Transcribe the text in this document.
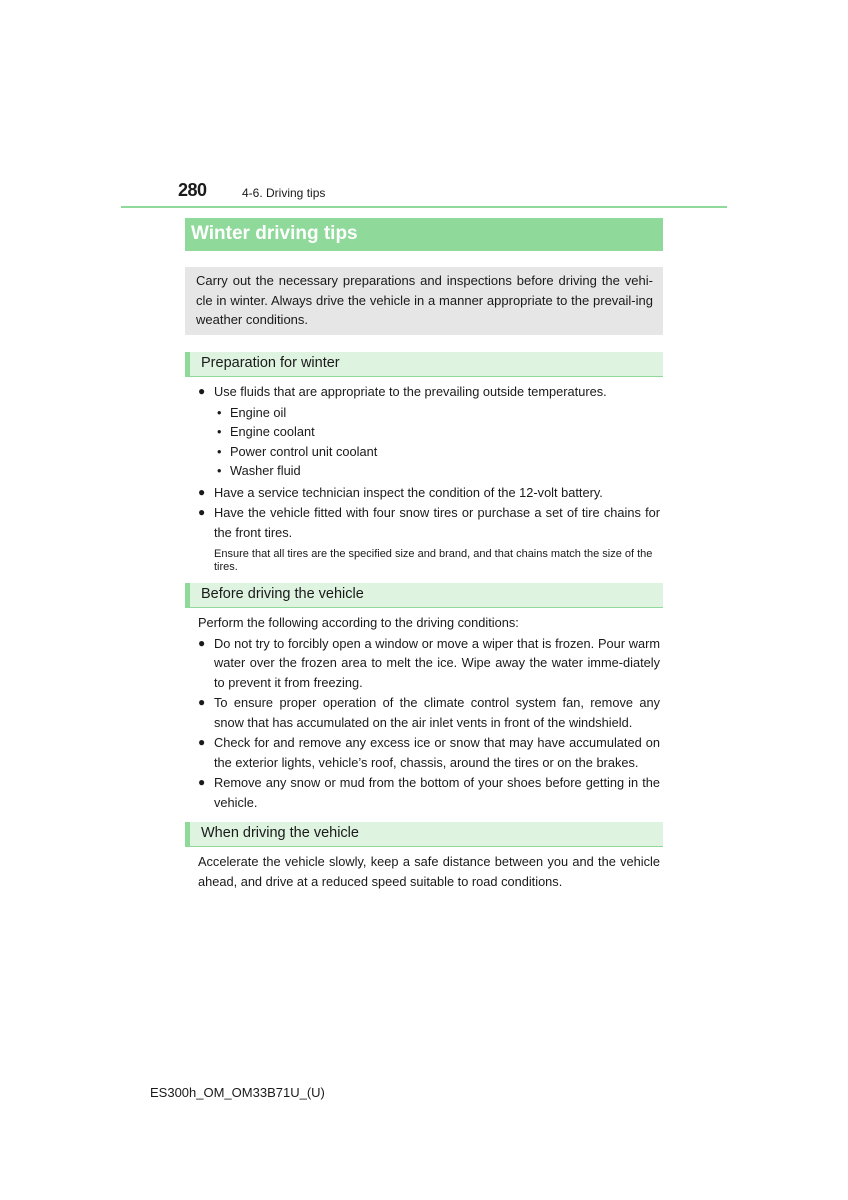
280	4-6. Driving tips
Winter driving tips
Carry out the necessary preparations and inspections before driving the vehi-cle in winter. Always drive the vehicle in a manner appropriate to the prevail-ing weather conditions.
Preparation for winter
● Use fluids that are appropriate to the prevailing outside temperatures.
• Engine oil
• Engine coolant
• Power control unit coolant
• Washer fluid
● Have a service technician inspect the condition of the 12-volt battery.
● Have the vehicle fitted with four snow tires or purchase a set of tire chains for the front tires.
Ensure that all tires are the specified size and brand, and that chains match the size of the tires.
Before driving the vehicle
Perform the following according to the driving conditions:
● Do not try to forcibly open a window or move a wiper that is frozen. Pour warm water over the frozen area to melt the ice. Wipe away the water imme-diately to prevent it from freezing.
● To ensure proper operation of the climate control system fan, remove any snow that has accumulated on the air inlet vents in front of the windshield.
● Check for and remove any excess ice or snow that may have accumulated on the exterior lights, vehicle’s roof, chassis, around the tires or on the brakes.
● Remove any snow or mud from the bottom of your shoes before getting in the vehicle.
When driving the vehicle
Accelerate the vehicle slowly, keep a safe distance between you and the vehicle ahead, and drive at a reduced speed suitable to road conditions.
ES300h_OM_OM33B71U_(U)
